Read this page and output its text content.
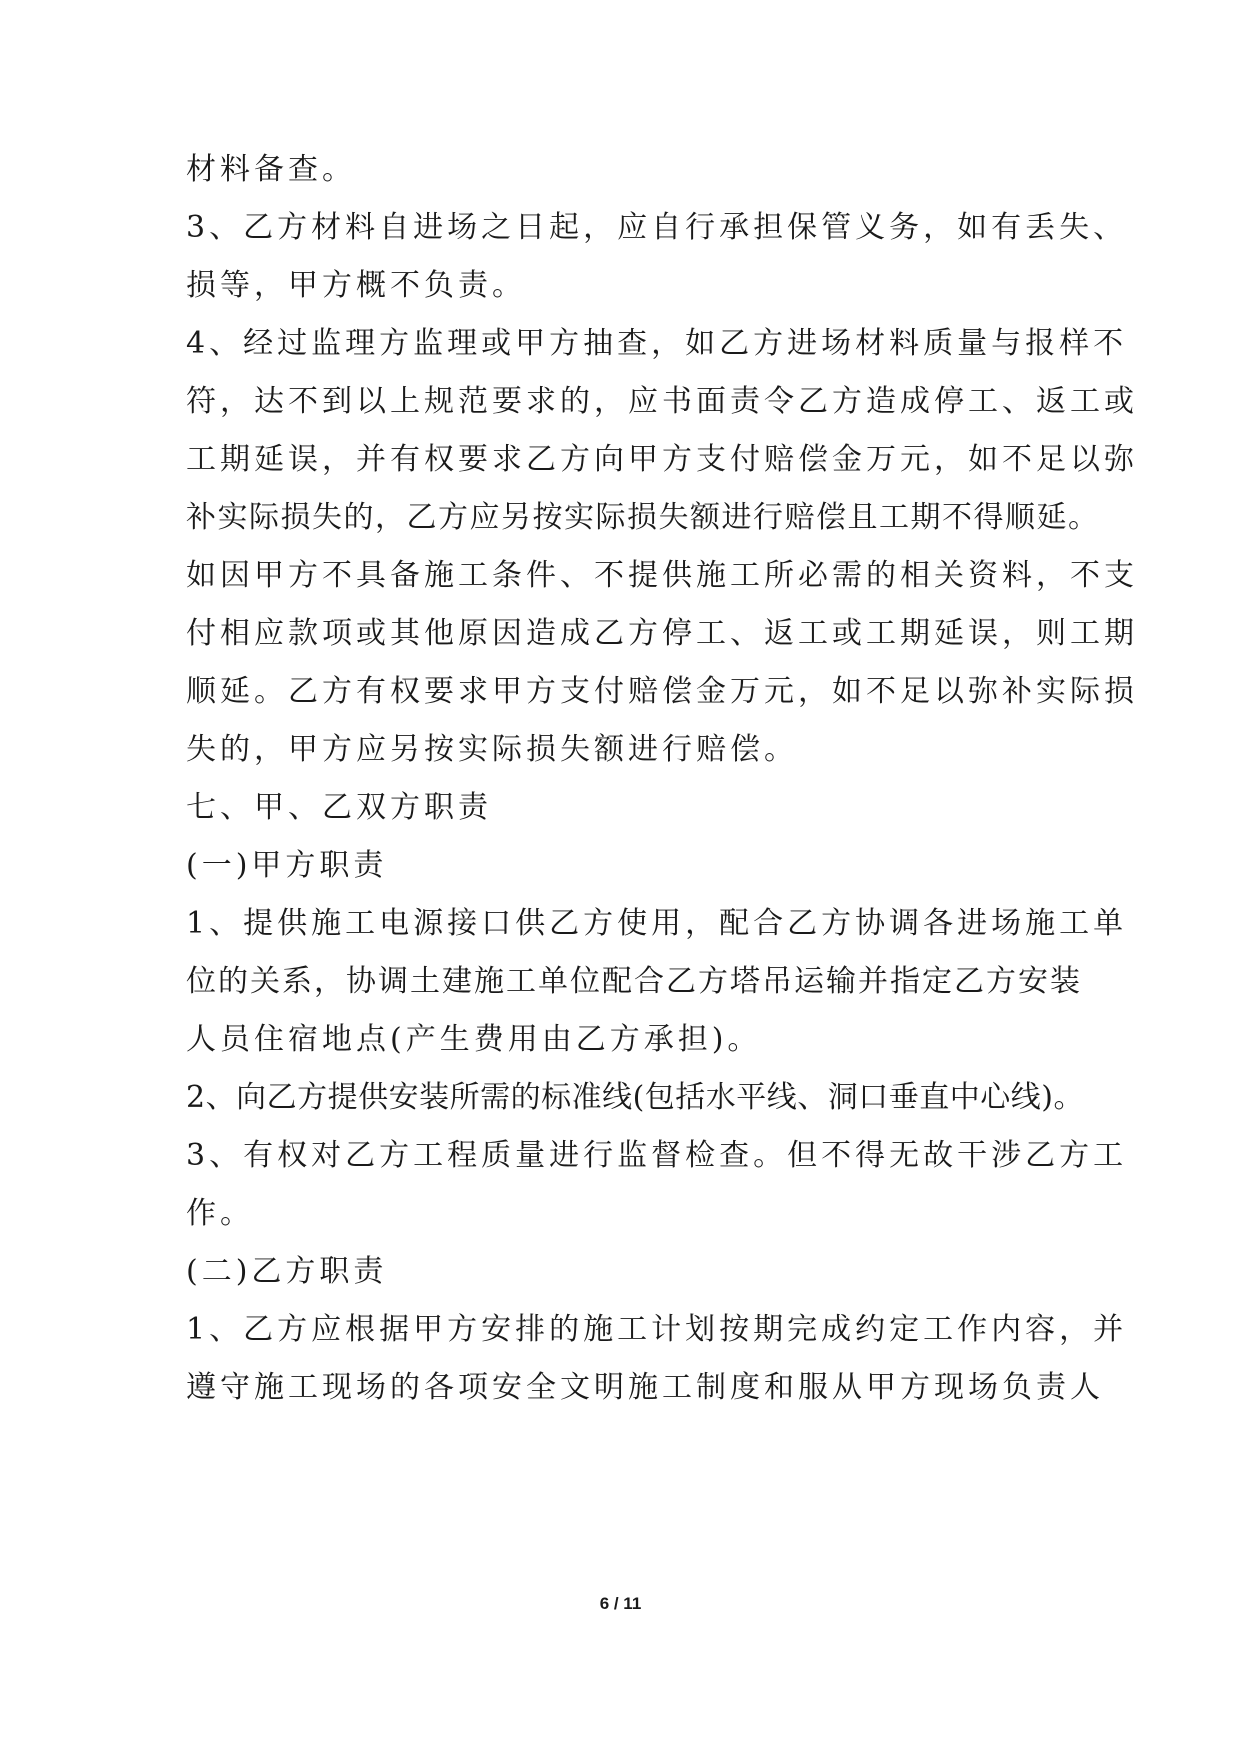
材料备查。

3、乙方材料自进场之日起，应自行承担保管义务，如有丢失、

损等，甲方概不负责。

4、经过监理方监理或甲方抽查，如乙方进场材料质量与报样不

符，达不到以上规范要求的，应书面责令乙方造成停工、返工或

工期延误，并有权要求乙方向甲方支付赔偿金万元，如不足以弥

补实际损失的，乙方应另按实际损失额进行赔偿且工期不得顺延。

如因甲方不具备施工条件、不提供施工所必需的相关资料，不支

付相应款项或其他原因造成乙方停工、返工或工期延误，则工期

顺延。乙方有权要求甲方支付赔偿金万元，如不足以弥补实际损

失的，甲方应另按实际损失额进行赔偿。

七、甲、乙双方职责

(一)甲方职责

1、提供施工电源接口供乙方使用，配合乙方协调各进场施工单

位的关系，协调土建施工单位配合乙方塔吊运输并指定乙方安装

人员住宿地点(产生费用由乙方承担)。

2、向乙方提供安装所需的标准线(包括水平线、洞口垂直中心线)。

3、有权对乙方工程质量进行监督检查。但不得无故干涉乙方工

作。

(二)乙方职责

1、乙方应根据甲方安排的施工计划按期完成约定工作内容，并

遵守施工现场的各项安全文明施工制度和服从甲方现场负责人

6 / 11
